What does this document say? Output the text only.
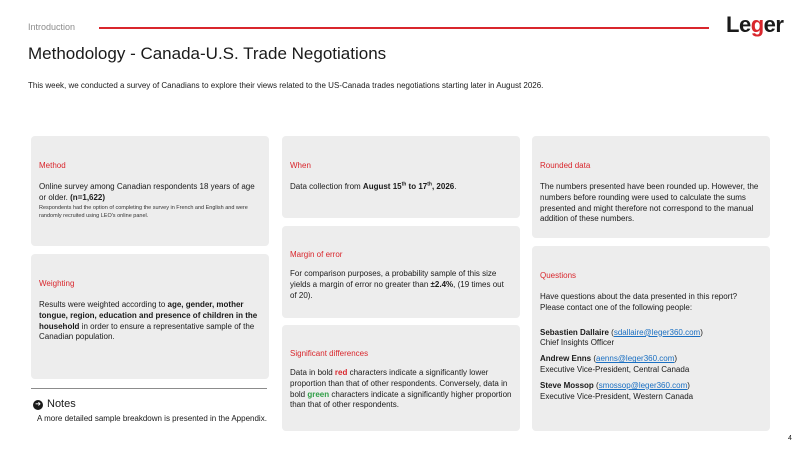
Introduction	Leger
Methodology - Canada-U.S. Trade Negotiations
This week, we conducted a survey of Canadians to explore their views related to the US-Canada trades negotiations starting later in August 2026.
Method
Online survey among Canadian respondents 18 years of age or older. (n=1,622)
Respondents had the option of completing the survey in French and English and were randomly recruited using LEO's online panel.
Weighting
Results were weighted according to age, gender, mother tongue, region, education and presence of children in the household in order to ensure a representative sample of the Canadian population.
When
Data collection from August 15th to 17th, 2026.
Margin of error
For comparison purposes, a probability sample of this size yields a margin of error no greater than ±2.4%, (19 times out of 20).
Significant differences
Data in bold red characters indicate a significantly lower proportion than that of other respondents. Conversely, data in bold green characters indicate a significantly higher proportion than that of other respondents.
Rounded data
The numbers presented have been rounded up. However, the numbers before rounding were used to calculate the sums presented and might therefore not correspond to the manual addition of these numbers.
Questions
Have questions about the data presented in this report? Please contact one of the following people:
Sebastien Dallaire (sdallaire@leger360.com)
Chief Insights Officer
Andrew Enns (aenns@leger360.com)
Executive Vice-President, Central Canada
Steve Mossop (smossop@leger360.com)
Executive Vice-President, Western Canada
➜ Notes
A more detailed sample breakdown is presented in the Appendix.
4
